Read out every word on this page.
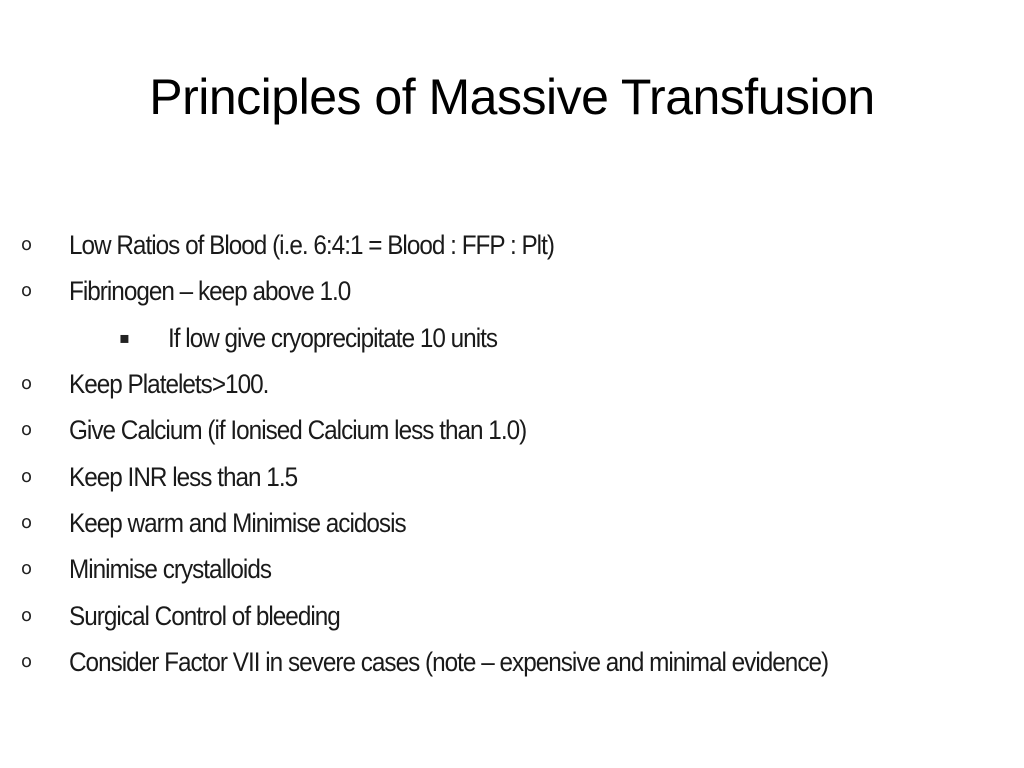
Principles of Massive Transfusion
o	Low Ratios of Blood (i.e. 6:4:1 = Blood : FFP : Plt)
o	Fibrinogen – keep above 1.0
▪	If low give cryoprecipitate 10 units
o	Keep Platelets>100.
o	Give Calcium (if Ionised Calcium less than 1.0)
o	Keep INR less than 1.5
o	Keep warm and Minimise acidosis
o	Minimise crystalloids
o	Surgical Control of bleeding
o	Consider Factor VII in severe cases (note – expensive and minimal evidence)
